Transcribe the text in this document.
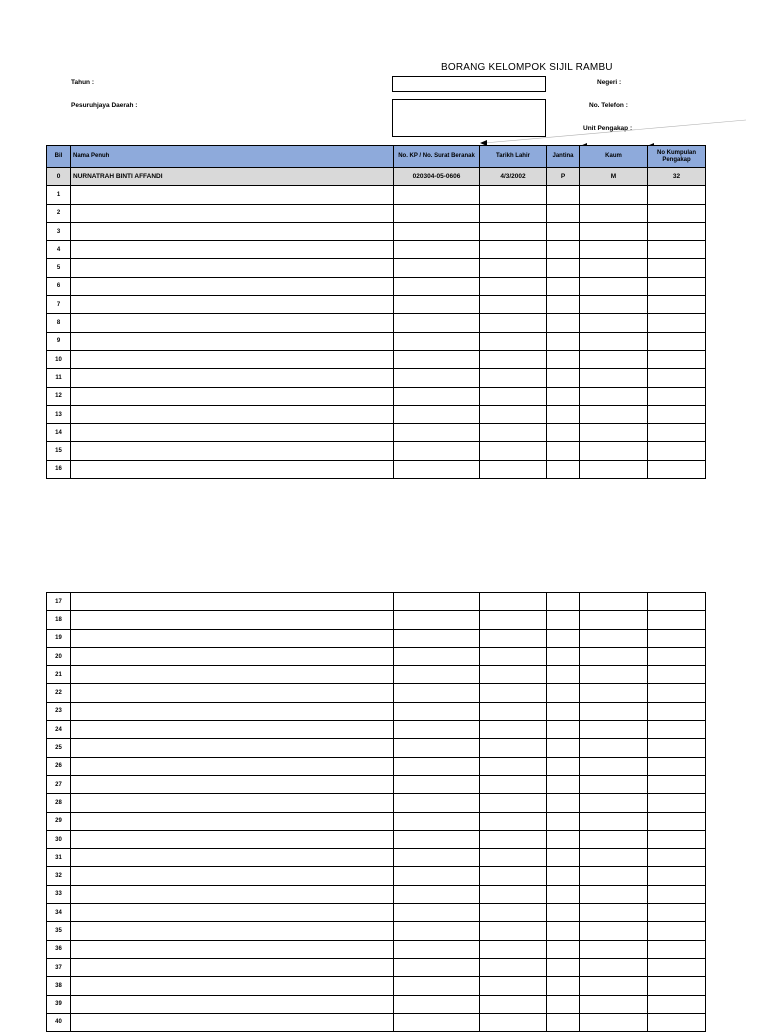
BORANG KELOMPOK SIJIL RAMBU
Tahun :
Pesuruhjaya Daerah :
Negeri :
No. Telefon :
Unit Pengakap :
Bil	Nama Penuh	No. KP / No. Surat Beranak	Tarikh Lahir	Jantina	Kaum	No Kumpulan Pengakap
0	NURNATRAH BINTI AFFANDI	020304-05-0606	4/3/2002	P	M	32
1						
2						
3						
4						
5						
6						
7						
8						
9						
10						
11						
12						
13						
14						
15						
16						
17						
18						
19						
20						
21						
22						
23						
24						
25						
26						
27						
28						
29						
30						
31						
32						
33						
34						
35						
36						
37						
38						
39						
40						
